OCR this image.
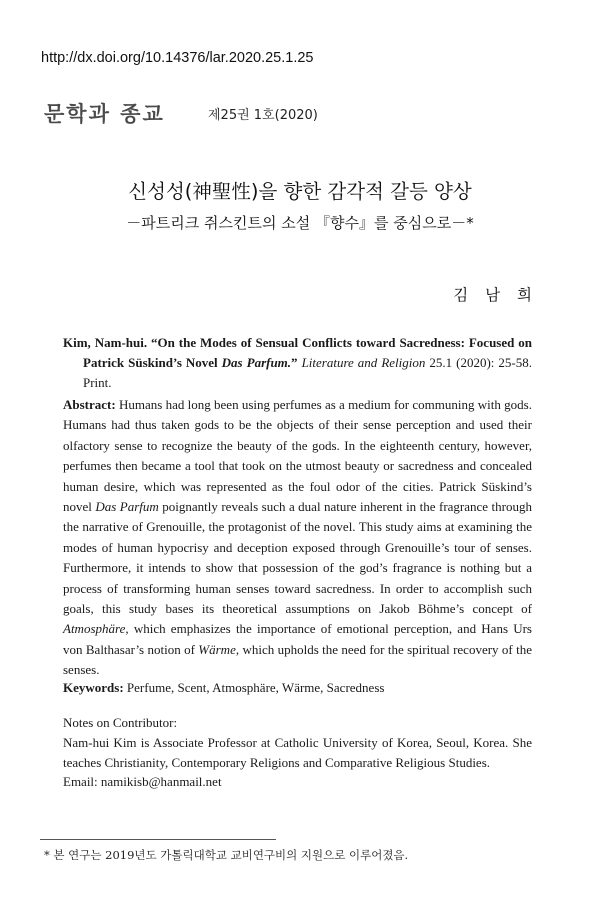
http://dx.doi.org/10.14376/lar.2020.25.1.25
문학과 종교	제25권 1호(2020)
신성성(神聖性)을 향한 감각적 갈등 양상
－파트리크 쥐스킨트의 소설 『향수』를 중심으로－*
김 남 희
Kim, Nam-hui. “On the Modes of Sensual Conflicts toward Sacredness: Focused on Patrick Süskind’s Novel Das Parfum.” Literature and Religion 25.1 (2020): 25-58. Print.
Abstract: Humans had long been using perfumes as a medium for communing with gods. Humans had thus taken gods to be the objects of their sense perception and used their olfactory sense to recognize the beauty of the gods. In the eighteenth century, however, perfumes then became a tool that took on the utmost beauty or sacredness and concealed human desire, which was represented as the foul odor of the cities. Patrick Süskind’s novel Das Parfum poignantly reveals such a dual nature inherent in the fragrance through the narrative of Grenouille, the protagonist of the novel. This study aims at examining the modes of human hypocrisy and deception exposed through Grenouille’s tour of senses. Furthermore, it intends to show that possession of the god’s fragrance is nothing but a process of transforming human senses toward sacredness. In order to accomplish such goals, this study bases its theoretical assumptions on Jakob Böhme’s concept of Atmosphäre, which emphasizes the importance of emotional perception, and Hans Urs von Balthasar’s notion of Wärme, which upholds the need for the spiritual recovery of the senses.
Keywords: Perfume, Scent, Atmosphäre, Wärme, Sacredness
Notes on Contributor:
Nam-hui Kim is Associate Professor at Catholic University of Korea, Seoul, Korea. She teaches Christianity, Contemporary Religions and Comparative Religious Studies.
Email: namikisb@hanmail.net
* 본 연구는 2019년도 가톨릭대학교 교비연구비의 지원으로 이루어졌음.
